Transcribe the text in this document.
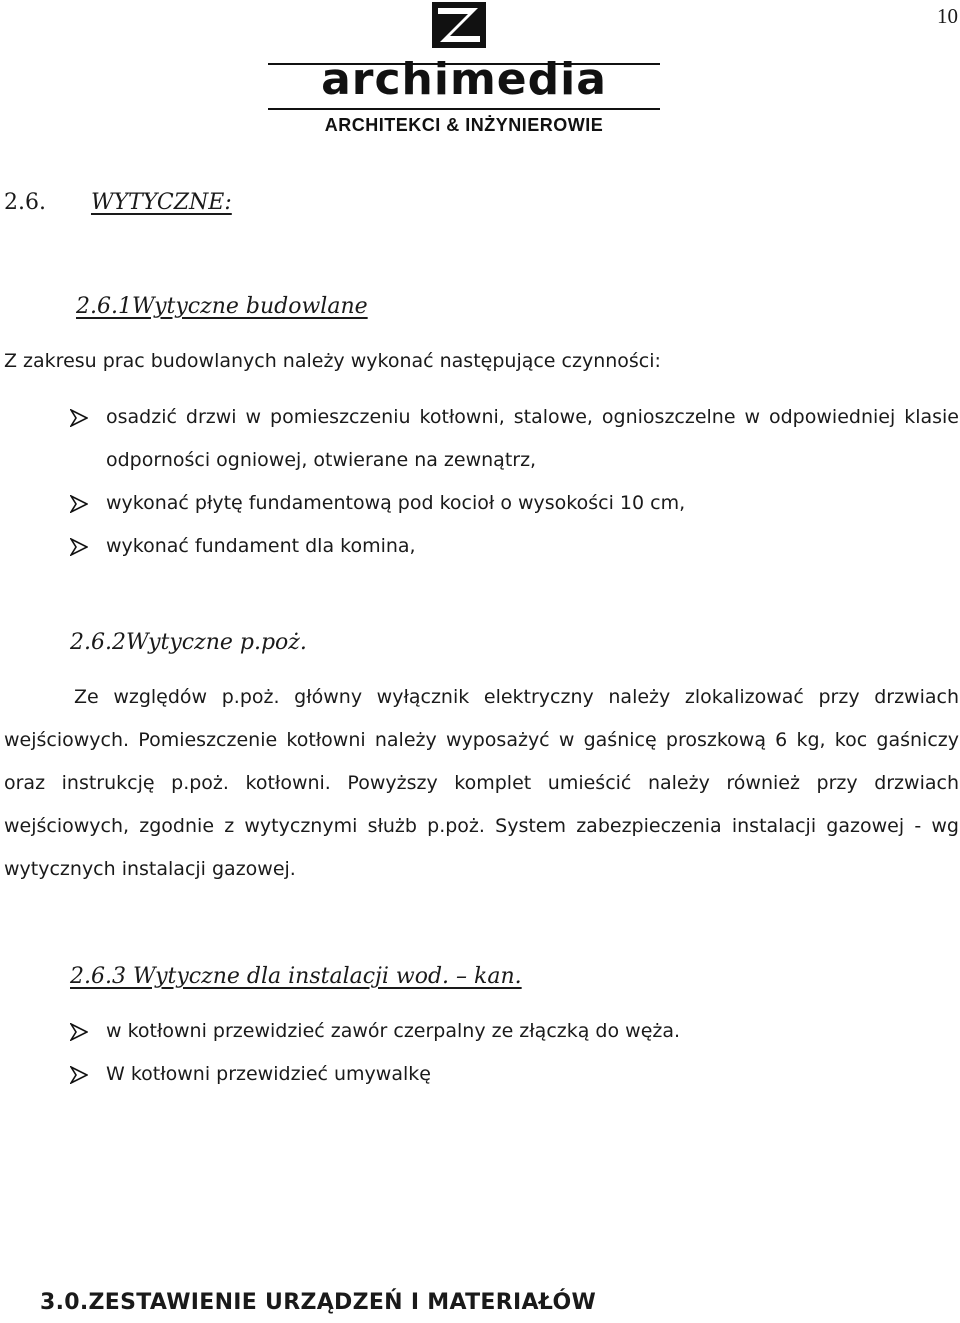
10
archimedia
ARCHITEKCI & INŻYNIEROWIE
2.6. WYTYCZNE:
2.6.1Wytyczne budowlane
Z zakresu prac budowlanych należy wykonać następujące czynności:
osadzić drzwi w pomieszczeniu kotłowni, stalowe, ognioszczelne w odpowiedniej klasie odporności ogniowej, otwierane na zewnątrz,
wykonać płytę fundamentową pod kocioł o wysokości 10 cm,
wykonać fundament dla komina,
2.6.2Wytyczne p.poż.
Ze względów p.poż. główny wyłącznik elektryczny należy zlokalizować przy drzwiach wejściowych. Pomieszczenie kotłowni należy wyposażyć w gaśnicę proszkową 6 kg, koc gaśniczy oraz instrukcję p.poż. kotłowni. Powyższy komplet umieścić należy również przy drzwiach wejściowych, zgodnie z wytycznymi służb p.poż. System zabezpieczenia instalacji gazowej - wg wytycznych instalacji gazowej.
2.6.3 Wytyczne dla instalacji wod. – kan.
w kotłowni przewidzieć zawór czerpalny ze złączką do węża.
W kotłowni przewidzieć umywalkę
3.0.ZESTAWIENIE URZĄDZEŃ I MATERIAŁÓW
